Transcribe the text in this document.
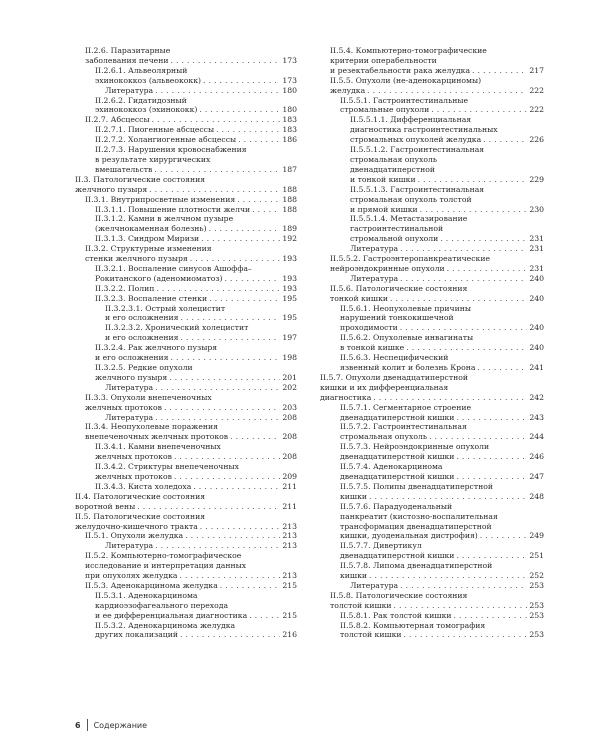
II.2.6. Паразитарные
заболевания печени . . .	173
II.2.6.1. Альвеолярный
эхинококкоз (альвеококк) . . .	173
Литература . . .	180
II.2.6.2. Гидатидозный
эхинококкоз (эхинококк) . . .	180
II.2.7. Абсцессы . . .	183
II.2.7.1. Пиогенные абсцессы . . .	183
II.2.7.2. Холангиогенные абсцессы . . .	186
II.2.7.3. Нарушения кровоснабжения
в результате хирургических
вмешательств . . .	187
II.3. Патологические состояния
желчного пузыря . . .	188
II.3.1. Внутрипросветные изменения . . .	188
II.3.1.1. Повышение плотности желчи . . .	188
II.3.1.2. Камни в желчном пузыре
(желчнокаменная болезнь) . . .	189
II.3.1.3. Синдром Миризи . . .	192
II.3.2. Структурные изменения
стенки желчного пузыря . . .	193
II.3.2.1. Воспаление синусов Ашоффа–
Рокитанского (аденомиоматоз) . . .	193
II.3.2.2. Полип . . .	193
II.3.2.3. Воспаление стенки . . .	195
II.3.2.3.1. Острый холецистит
и его осложнения . . .	195
II.3.2.3.2. Хронический холецистит
и его осложнения . . .	197
II.3.2.4. Рак желчного пузыря
и его осложнения . . .	198
II.3.2.5. Редкие опухоли
желчного пузыря . . .	201
Литература . . .	202
II.3.3. Опухоли внепеченочных
желчных протоков . . .	203
Литература . . .	208
II.3.4. Неопухолевые поражения
внепеченочных желчных протоков . . .	208
II.3.4.1. Камни внепеченочных
желчных протоков . . .	208
II.3.4.2. Стриктуры внепеченочных
желчных протоков . . .	209
II.3.4.3. Киста холедоха . . .	211
II.4. Патологические состояния
воротной вены . . .	211
II.5. Патологические состояния
желудочно-кишечного тракта . . .	213
II.5.1. Опухоли желудка . . .	213
Литература . . .	213
II.5.2. Компьютерно-томографическое
исследование и интерпретация данных
при опухолях желудка . . .	213
II.5.3. Аденокарцинома желудка . . .	215
II.5.3.1. Аденокарцинома
кардиоэзофагеального перехода
и ее дифференциальная диагностика . . .	215
II.5.3.2. Аденокарцинома желудка
других локализаций . . .	216
II.5.4. Компьютерно-томографические
критерии операбельности
и резектабельности рака желудка . . .	217
II.5.5. Опухоли (не-аденокарциномы)
желудка . . .	222
II.5.5.1. Гастроинтестинальные
стромальные опухоли . . .	222
II.5.5.1.1. Дифференциальная
диагностика гастроинтестинальных
стромальных опухолей желудка . . .	226
II.5.5.1.2. Гастроинтестинальная
стромальная опухоль
двенадцатиперстной
и тонкой кишки . . .	229
II.5.5.1.3. Гастроинтестинальная
стромальная опухоль толстой
и прямой кишки . . .	230
II.5.5.1.4. Метастазирование
гастроинтестинальной
стромальной опухоли . . .	231
Литература . . .	231
II.5.5.2. Гастроэнтеропанкреатические
нейроэндокринные опухоли . . .	231
Литература . . .	240
II.5.6. Патологические состояния
тонкой кишки . . .	240
II.5.6.1. Неопухолевые причины
нарушений тонкокишечной
проходимости . . .	240
II.5.6.2. Опухолевые инвагинаты
в тонкой кишке . . .	240
II.5.6.3. Неспецифический
язвенный колит и болезнь Крона . . .	241
II.5.7. Опухоли двенадцатиперстной
кишки и их дифференциальная
диагностика . . .	242
II.5.7.1. Сегментарное строение
двенадцатиперстной кишки . . .	243
II.5.7.2. Гастроинтестинальная
стромальная опухоль . . .	244
II.5.7.3. Нейроэндокринные опухоли
двенадцатиперстной кишки . . .	246
II.5.7.4. Аденокарцинома
двенадцатиперстной кишки . . .	247
II.5.7.5. Полипы двенадцатиперстной
кишки . . .	248
II.5.7.6. Парадуоденальный
панкреатит (кистозно-воспалительная
трансформация двенадцатиперстной
кишки, дуоденальная дистрофия) . . .	249
II.5.7.7. Дивертикул
двенадцатиперстной кишки . . .	251
II.5.7.8. Липома двенадцатиперстной
кишки . . .	252
Литература . . .	253
II.5.8. Патологические состояния
толстой кишки . . .	253
II.5.8.1. Рак толстой кишки . . .	253
II.5.8.2. Компьютерная томография
толстой кишки . . .	253
6 Содержание
